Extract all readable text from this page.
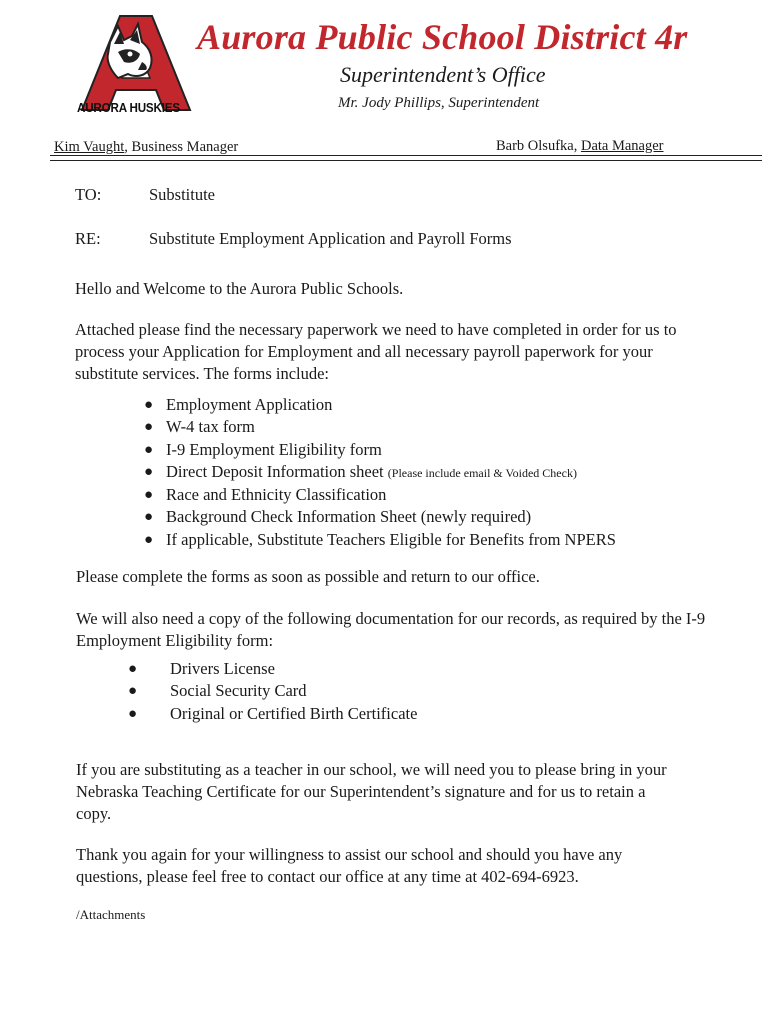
AURORA HUSKIES
Aurora Public School District 4r
Superintendent’s Office
Mr. Jody Phillips, Superintendent
Kim Vaught, Business Manager	Barb Olsufka, Data Manager
TO:	Substitute
RE:	Substitute Employment Application and Payroll Forms
Hello and Welcome to the Aurora Public Schools.
Attached please find the necessary paperwork we need to have completed in order for us to process your Application for Employment and all necessary payroll paperwork for your substitute services. The forms include:
● Employment Application
● W-4 tax form
● I-9 Employment Eligibility form
● Direct Deposit Information sheet (Please include email & Voided Check)
● Race and Ethnicity Classification
● Background Check Information Sheet (newly required)
● If applicable, Substitute Teachers Eligible for Benefits from NPERS
Please complete the forms as soon as possible and return to our office.
We will also need a copy of the following documentation for our records, as required by the I-9 Employment Eligibility form:
● Drivers License
● Social Security Card
● Original or Certified Birth Certificate
If you are substituting as a teacher in our school, we will need you to please bring in your Nebraska Teaching Certificate for our Superintendent’s signature and for us to retain a copy.
Thank you again for your willingness to assist our school and should you have any questions, please feel free to contact our office at any time at 402-694-6923.
/Attachments
